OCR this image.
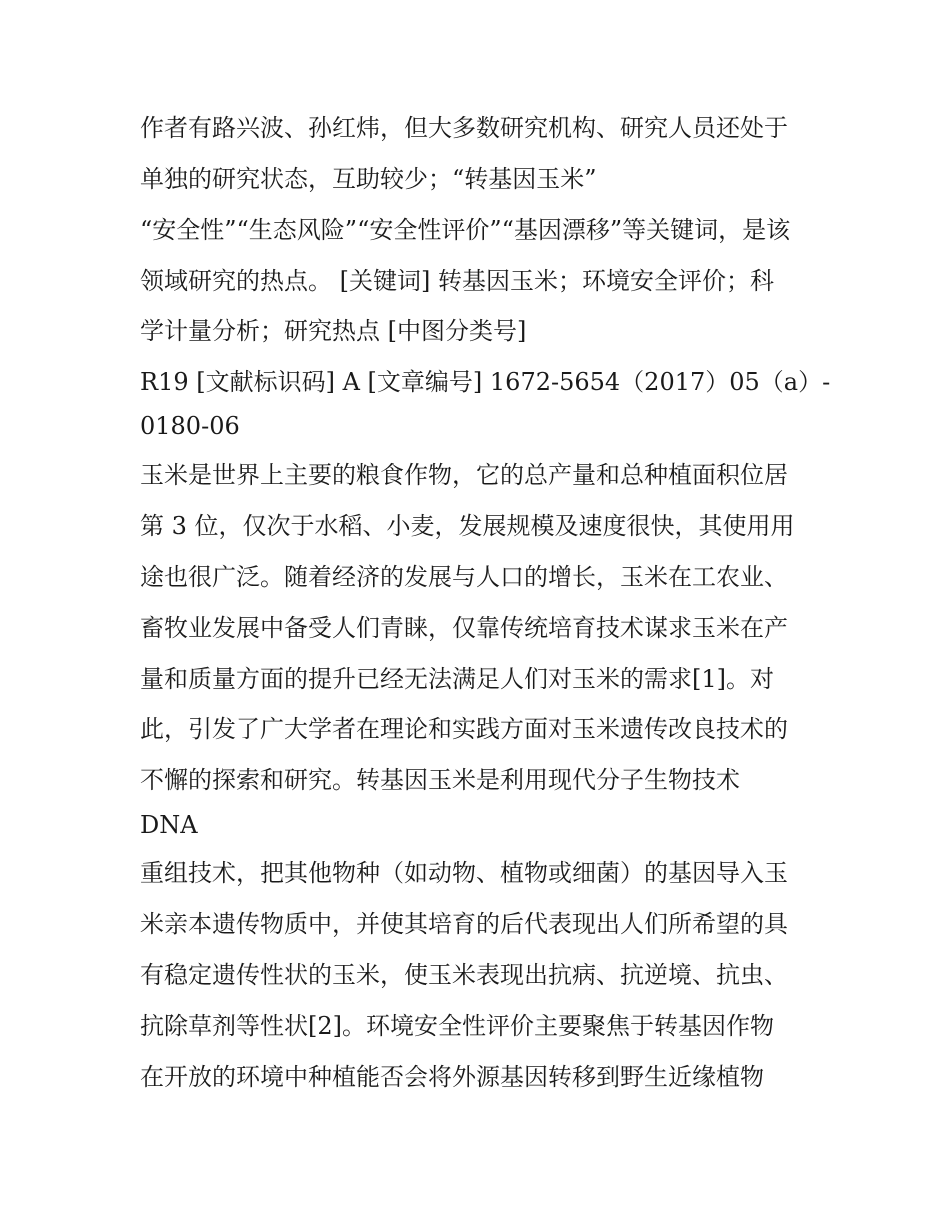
作者有路兴波、孙红炜，但大多数研究机构、研究人员还处于
单独的研究状态，互助较少；“转基因玉米”
“安全性”“生态风险”“安全性评价”“基因漂移”等关键词，是该
领域研究的热点。 [关键词] 转基因玉米；环境安全评价；科
学计量分析；研究热点 [中图分类号]
R19 [文献标识码] A [文章编号] 1672-5654（2017）05（a）-
0180-06
玉米是世界上主要的粮食作物，它的总产量和总种植面积位居
第 3 位，仅次于水稻、小麦，发展规模及速度很快，其使用用
途也很广泛。随着经济的发展与人口的增长，玉米在工农业、
畜牧业发展中备受人们青睐，仅靠传统培育技术谋求玉米在产
量和质量方面的提升已经无法满足人们对玉米的需求[1]。对
此，引发了广大学者在理论和实践方面对玉米遗传改良技术的
不懈的探索和研究。转基因玉米是利用现代分子生物技术
DNA
重组技术，把其他物种（如动物、植物或细菌）的基因导入玉
米亲本遗传物质中，并使其培育的后代表现出人们所希望的具
有稳定遗传性状的玉米，使玉米表现出抗病、抗逆境、抗虫、
抗除草剂等性状[2]。环境安全性评价主要聚焦于转基因作物
在开放的环境中种植能否会将外源基因转移到野生近缘植物
